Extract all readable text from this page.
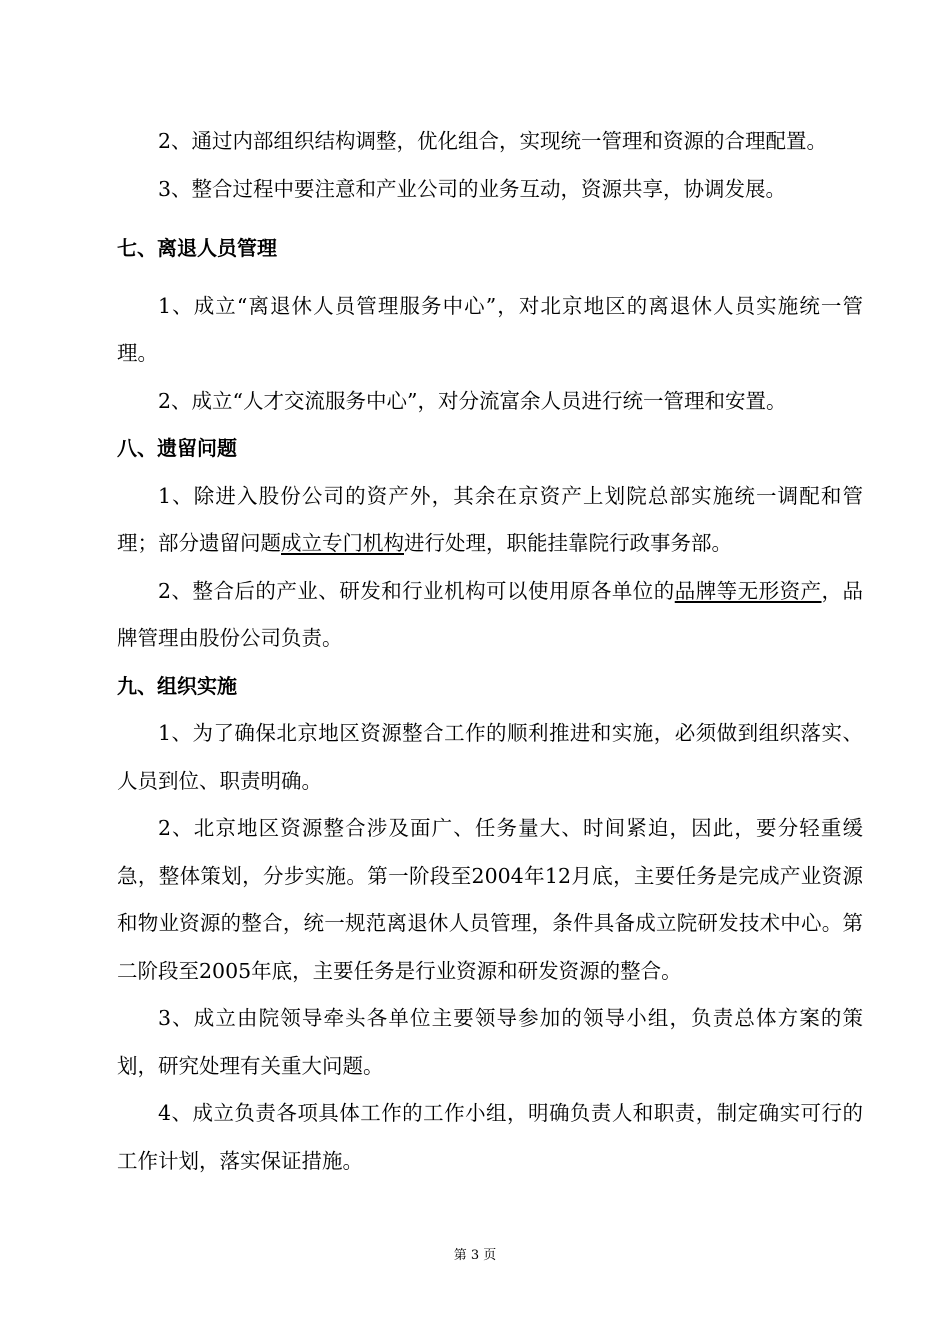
2、通过内部组织结构调整，优化组合，实现统一管理和资源的合理配置。

3、整合过程中要注意和产业公司的业务互动，资源共享，协调发展。

七、离退人员管理

1、成立“离退休人员管理服务中心”，对北京地区的离退休人员实施统一管理。

2、成立“人才交流服务中心”，对分流富余人员进行统一管理和安置。

八、遗留问题

1、除进入股份公司的资产外，其余在京资产上划院总部实施统一调配和管理；部分遗留问题成立专门机构进行处理，职能挂靠院行政事务部。

2、整合后的产业、研发和行业机构可以使用原各单位的品牌等无形资产，品牌管理由股份公司负责。

九、组织实施

1、为了确保北京地区资源整合工作的顺利推进和实施，必须做到组织落实、人员到位、职责明确。

2、北京地区资源整合涉及面广、任务量大、时间紧迫，因此，要分轻重缓急，整体策划，分步实施。第一阶段至2004年12月底，主要任务是完成产业资源和物业资源的整合，统一规范离退休人员管理，条件具备成立院研发技术中心。第二阶段至2005年底，主要任务是行业资源和研发资源的整合。

3、成立由院领导牵头各单位主要领导参加的领导小组，负责总体方案的策划，研究处理有关重大问题。

4、成立负责各项具体工作的工作小组，明确负责人和职责，制定确实可行的工作计划，落实保证措施。

第 3 页
